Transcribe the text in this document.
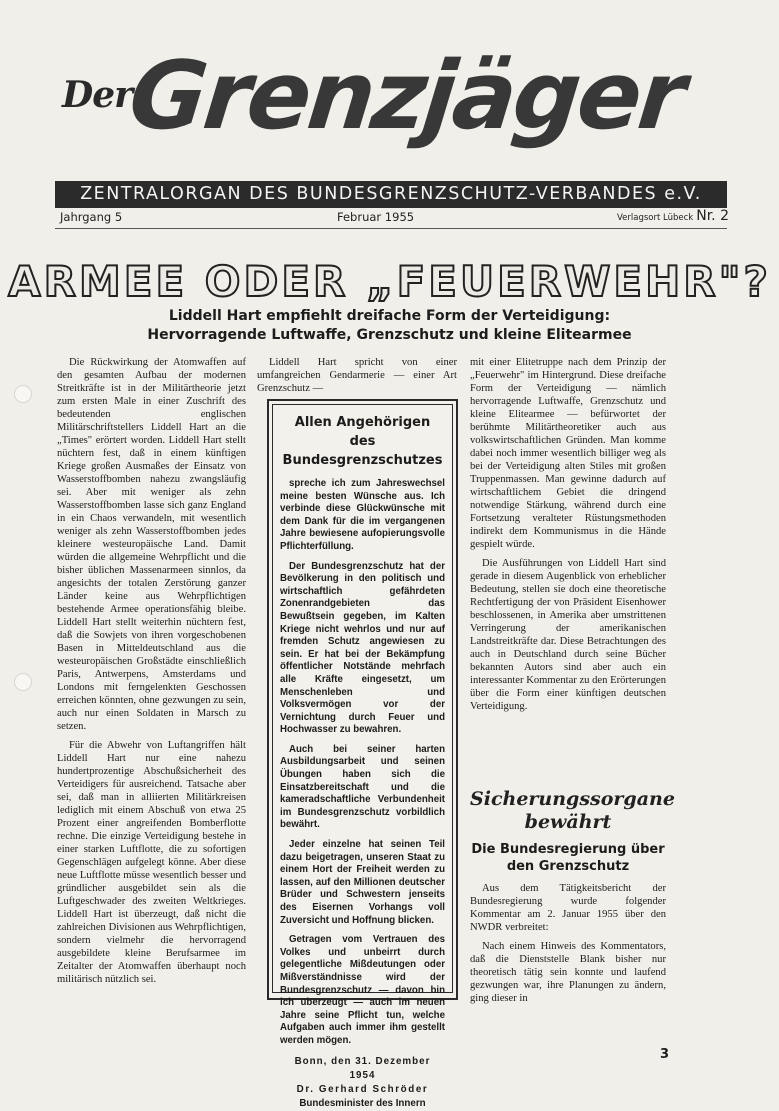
Der
Grenzjäger
ZENTRALORGAN DES BUNDESGRENZSCHUTZ-VERBANDES e.V.
Jahrgang 5	Februar 1955	Verlagsort Lübeck Nr. 2
ARMEE ODER „FEUERWEHR"?
Liddell Hart empfiehlt dreifache Form der Verteidigung:
Hervorragende Luftwaffe, Grenzschutz und kleine Elitearmee

Die Rückwirkung der Atomwaffen auf den gesamten Aufbau der modernen Streitkräfte ist in der Militärtheorie jetzt zum ersten Male in einer Zuschrift des bedeutenden englischen Militärschriftstellers Liddell Hart an die „Times" erörtert worden. Liddell Hart stellt nüchtern fest, daß in einem künftigen Kriege großen Ausmaßes der Einsatz von Wasserstoffbomben nahezu zwangsläufig sei. Aber mit weniger als zehn Wasserstoffbomben lasse sich ganz England in ein Chaos verwandeln, mit wesentlich weniger als zehn Wasserstoffbomben jedes kleinere westeuropäische Land. Damit würden die allgemeine Wehrpflicht und die bisher üblichen Massenarmeen sinnlos, da angesichts der totalen Zerstörung ganzer Länder keine aus Wehrpflichtigen bestehende Armee operationsfähig bleibe. Liddell Hart stellt weiterhin nüchtern fest, daß die Sowjets von ihren vorgeschobenen Basen in Mitteldeutschland aus die westeuropäischen Großstädte einschließlich Paris, Antwerpens, Amsterdams und Londons mit ferngelenkten Geschossen erreichen könnten, ohne gezwungen zu sein, auch nur einen Soldaten in Marsch zu setzen.

Für die Abwehr von Luftangriffen hält Liddell Hart nur eine nahezu hundertprozentige Abschußsicherheit des Verteidigers für ausreichend. Tatsache aber sei, daß man in alliierten Militärkreisen lediglich mit einem Abschuß von etwa 25 Prozent einer angreifenden Bomberflotte rechne. Die einzige Verteidigung bestehe in einer starken Luftflotte, die zu sofortigen Gegenschlägen aufgelegt könne. Aber diese neue Luftflotte müsse wesentlich besser und gründlicher ausgebildet sein als die Luftgeschwader des zweiten Weltkrieges. Liddell Hart ist überzeugt, daß nicht die zahlreichen Divisionen aus Wehrpflichtigen, sondern vielmehr die hervorragend ausgebildete kleine Berufsarmee im Zeitalter der Atomwaffen überhaupt noch militärisch nützlich sei.

Liddell Hart spricht von einer umfangreichen Gendarmerie — einer Art Grenzschutz —

Allen Angehörigen
des Bundesgrenzschutzes

spreche ich zum Jahreswechsel meine besten Wünsche aus. Ich verbinde diese Glückwünsche mit dem Dank für die im vergangenen Jahre bewiesene aufopierungsvolle Pflichterfüllung.

Der Bundesgrenzschutz hat der Bevölkerung in den politisch und wirtschaftlich gefährdeten Zonenrandgebieten das Bewußtsein gegeben, im Kalten Kriege nicht wehrlos und nur auf fremden Schutz angewiesen zu sein. Er hat bei der Bekämpfung öffentlicher Notstände mehrfach alle Kräfte eingesetzt, um Menschenleben und Volksvermögen vor der Vernichtung durch Feuer und Hochwasser zu bewahren.

Auch bei seiner harten Ausbildungsarbeit und seinen Übungen haben sich die Einsatzbereitschaft und die kameradschaftliche Verbundenheit im Bundesgrenzschutz vorbildlich bewährt.

Jeder einzelne hat seinen Teil dazu beigetragen, unseren Staat zu einem Hort der Freiheit werden zu lassen, auf den Millionen deutscher Brüder und Schwestern jenseits des Eisernen Vorhangs voll Zuversicht und Hoffnung blicken.

Getragen vom Vertrauen des Volkes und unbeirrt durch gelegentliche Mißdeutungen oder Mißverständnisse wird der Bundesgrenzschutz — davon bin ich überzeugt — auch im neuen Jahre seine Pflicht tun, welche Aufgaben auch immer ihm gestellt werden mögen.

Bonn, den 31. Dezember 1954
Dr. Gerhard Schröder
Bundesminister des Innern

mit einer Elitetruppe nach dem Prinzip der „Feuerwehr" im Hintergrund. Diese dreifache Form der Verteidigung — nämlich hervorragende Luftwaffe, Grenzschutz und kleine Elitearmee — befürwortet der berühmte Militärtheoretiker auch aus volkswirtschaftlichen Gründen. Man komme dabei noch immer wesentlich billiger weg als bei der Verteidigung alten Stiles mit großen Truppenmassen. Man gewinne dadurch auf wirtschaftlichem Gebiet die dringend notwendige Stärkung, während durch eine Fortsetzung veralteter Rüstungsmethoden indirekt dem Kommunismus in die Hände gespielt würde.

Die Ausführungen von Liddell Hart sind gerade in diesem Augenblick von erheblicher Bedeutung, stellen sie doch eine theoretische Rechtfertigung der von Präsident Eisenhower beschlossenen, in Amerika aber umstrittenen Verringerung der amerikanischen Landstreitkräfte dar. Diese Betrachtungen des auch in Deutschland durch seine Bücher bekannten Autors sind aber auch ein interessanter Kommentar zu den Erörterungen über die Form einer künftigen deutschen Verteidigung.

Sicherungssorgane
bewährt
Die Bundesregierung über den Grenzschutz

Aus dem Tätigkeitsbericht der Bundesregierung wurde folgender Kommentar am 2. Januar 1955 über den NWDR verbreitet:

Nach einem Hinweis des Kommentators, daß die Dienststelle Blank bisher nur theoretisch tätig sein konnte und laufend gezwungen war, ihre Planungen zu ändern, ging dieser in

3
